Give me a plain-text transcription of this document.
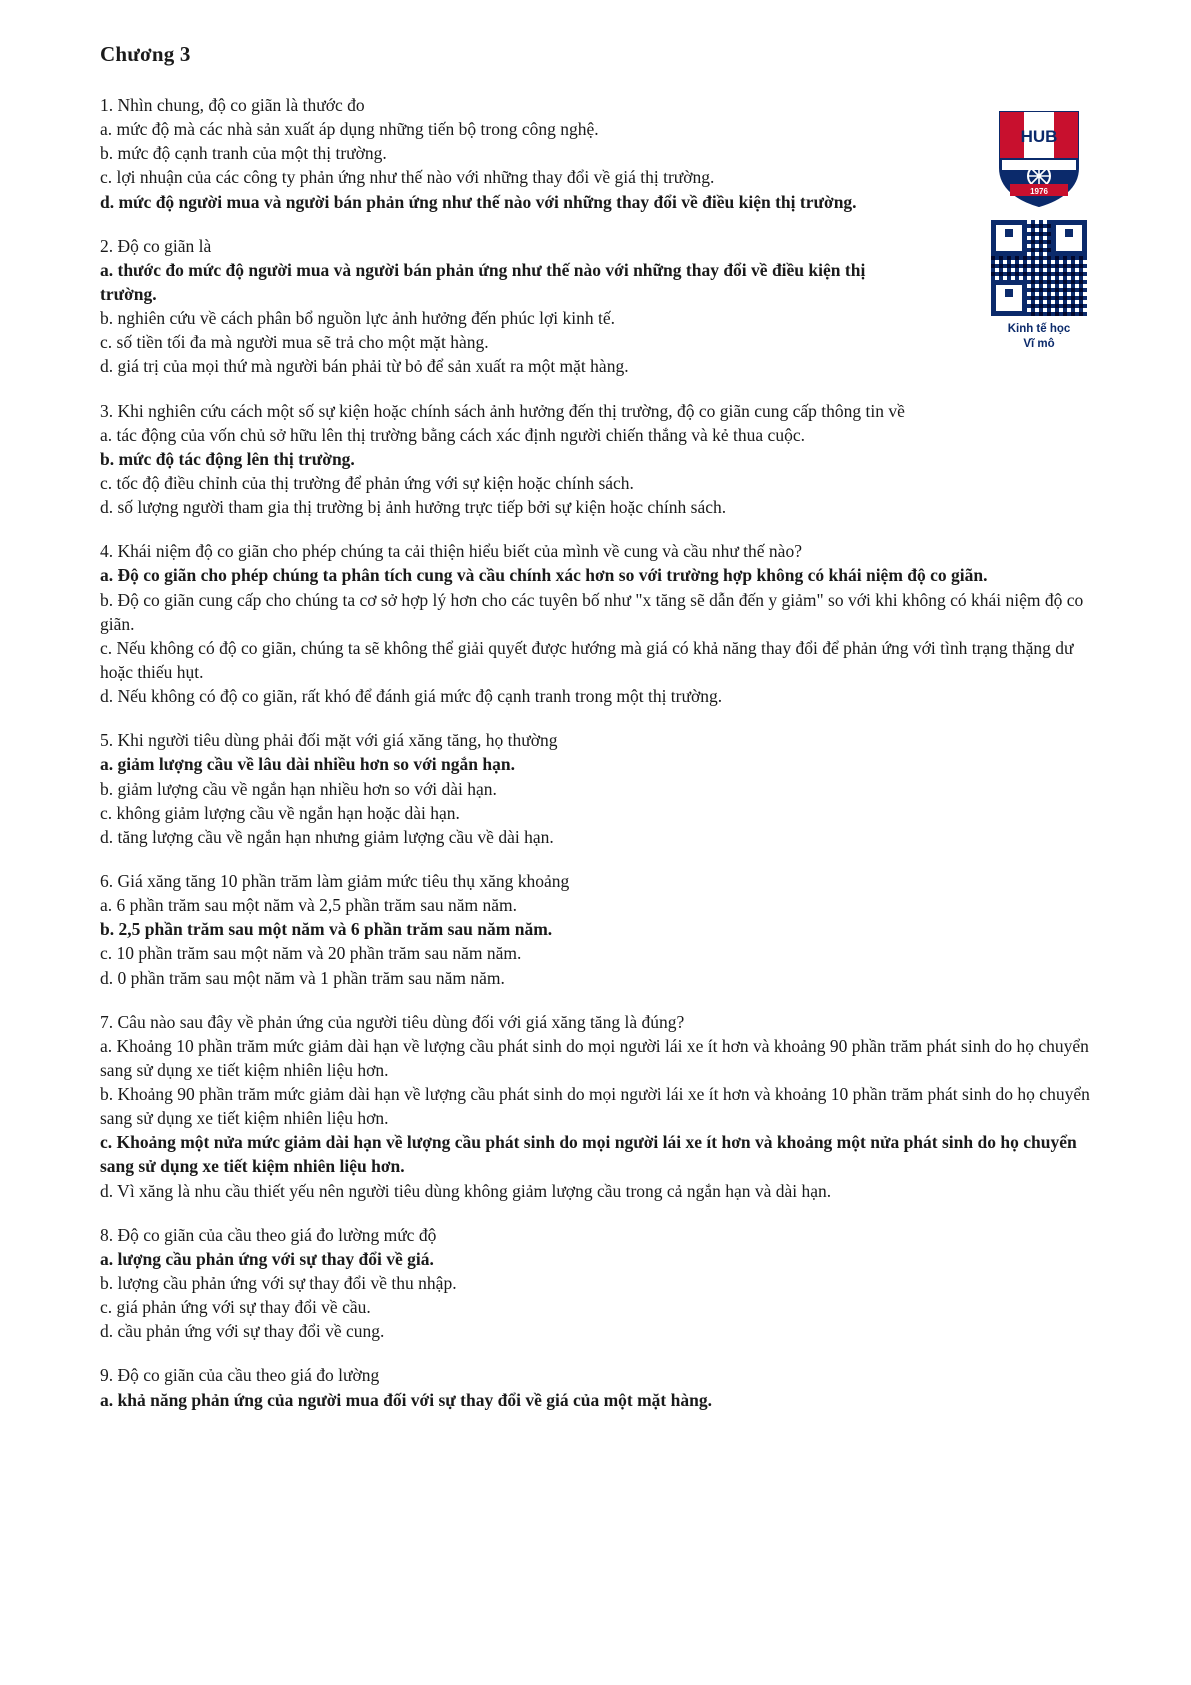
Chương 3
HUB
1976
Kinh tế học
Vĩ mô

1. Nhìn chung, độ co giãn là thước đo

a. mức độ mà các nhà sản xuất áp dụng những tiến bộ trong công nghệ.

b. mức độ cạnh tranh của một thị trường.

c. lợi nhuận của các công ty phản ứng như thế nào với những thay đổi về giá thị trường.

d. mức độ người mua và người bán phản ứng như thế nào với những thay đổi về điều kiện thị trường.

2. Độ co giãn là

a. thước đo mức độ người mua và người bán phản ứng như thế nào với những thay đổi về điều kiện thị trường.

b. nghiên cứu về cách phân bổ nguồn lực ảnh hưởng đến phúc lợi kinh tế.

c. số tiền tối đa mà người mua sẽ trả cho một mặt hàng.

d. giá trị của mọi thứ mà người bán phải từ bỏ để sản xuất ra một mặt hàng.

3. Khi nghiên cứu cách một số sự kiện hoặc chính sách ảnh hưởng đến thị trường, độ co giãn cung cấp thông tin về

a. tác động của vốn chủ sở hữu lên thị trường bằng cách xác định người chiến thắng và kẻ thua cuộc.

b. mức độ tác động lên thị trường.

c. tốc độ điều chỉnh của thị trường để phản ứng với sự kiện hoặc chính sách.

d. số lượng người tham gia thị trường bị ảnh hưởng trực tiếp bởi sự kiện hoặc chính sách.

4. Khái niệm độ co giãn cho phép chúng ta cải thiện hiểu biết của mình về cung và cầu như thế nào?

a. Độ co giãn cho phép chúng ta phân tích cung và cầu chính xác hơn so với trường hợp không có khái niệm độ co giãn.

b. Độ co giãn cung cấp cho chúng ta cơ sở hợp lý hơn cho các tuyên bố như "x tăng sẽ dẫn đến y giảm" so với khi không có khái niệm độ co giãn.

c. Nếu không có độ co giãn, chúng ta sẽ không thể giải quyết được hướng mà giá có khả năng thay đổi để phản ứng với tình trạng thặng dư hoặc thiếu hụt.

d. Nếu không có độ co giãn, rất khó để đánh giá mức độ cạnh tranh trong một thị trường.

5. Khi người tiêu dùng phải đối mặt với giá xăng tăng, họ thường

a. giảm lượng cầu về lâu dài nhiều hơn so với ngắn hạn.

b. giảm lượng cầu về ngắn hạn nhiều hơn so với dài hạn.

c. không giảm lượng cầu về ngắn hạn hoặc dài hạn.

d. tăng lượng cầu về ngắn hạn nhưng giảm lượng cầu về dài hạn.

6. Giá xăng tăng 10 phần trăm làm giảm mức tiêu thụ xăng khoảng

a. 6 phần trăm sau một năm và 2,5 phần trăm sau năm năm.

b. 2,5 phần trăm sau một năm và 6 phần trăm sau năm năm.

c. 10 phần trăm sau một năm và 20 phần trăm sau năm năm.

d. 0 phần trăm sau một năm và 1 phần trăm sau năm năm.

7. Câu nào sau đây về phản ứng của người tiêu dùng đối với giá xăng tăng là đúng?

a. Khoảng 10 phần trăm mức giảm dài hạn về lượng cầu phát sinh do mọi người lái xe ít hơn và khoảng 90 phần trăm phát sinh do họ chuyển sang sử dụng xe tiết kiệm nhiên liệu hơn.

b. Khoảng 90 phần trăm mức giảm dài hạn về lượng cầu phát sinh do mọi người lái xe ít hơn và khoảng 10 phần trăm phát sinh do họ chuyển sang sử dụng xe tiết kiệm nhiên liệu hơn.

c. Khoảng một nửa mức giảm dài hạn về lượng cầu phát sinh do mọi người lái xe ít hơn và khoảng một nửa phát sinh do họ chuyển sang sử dụng xe tiết kiệm nhiên liệu hơn.

d. Vì xăng là nhu cầu thiết yếu nên người tiêu dùng không giảm lượng cầu trong cả ngắn hạn và dài hạn.

8. Độ co giãn của cầu theo giá đo lường mức độ

a. lượng cầu phản ứng với sự thay đổi về giá.

b. lượng cầu phản ứng với sự thay đổi về thu nhập.

c. giá phản ứng với sự thay đổi về cầu.

d. cầu phản ứng với sự thay đổi về cung.

9. Độ co giãn của cầu theo giá đo lường

a. khả năng phản ứng của người mua đối với sự thay đổi về giá của một mặt hàng.
